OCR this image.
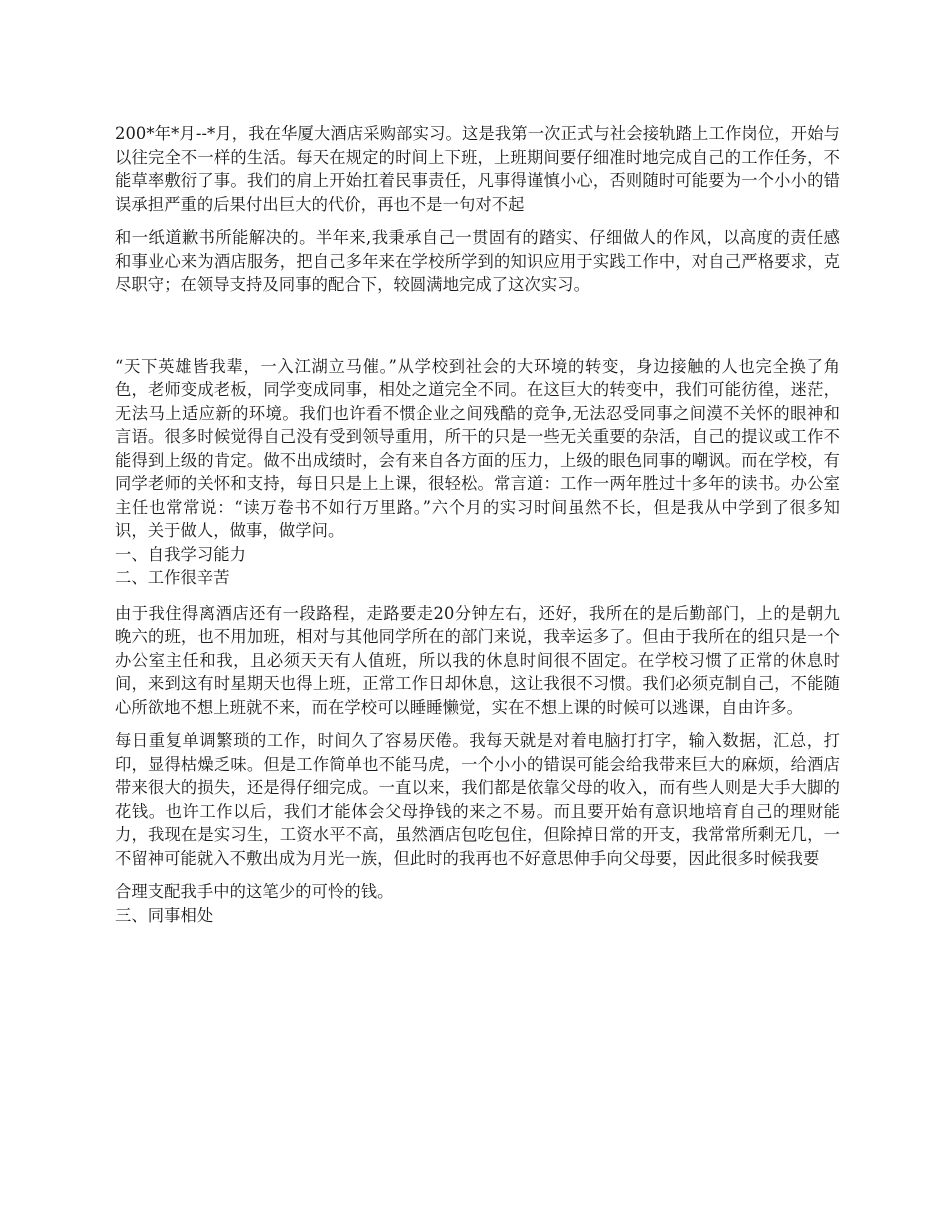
200*年*月--*月，我在华厦大酒店采购部实习。这是我第一次正式与社会接轨踏上工作岗位，开始与以往完全不一样的生活。每天在规定的时间上下班，上班期间要仔细准时地完成自己的工作任务，不能草率敷衍了事。我们的肩上开始扛着民事责任，凡事得谨慎小心，否则随时可能要为一个小小的错误承担严重的后果付出巨大的代价，再也不是一句对不起

和一纸道歉书所能解决的。半年来,我秉承自己一贯固有的踏实、仔细做人的作风，以高度的责任感和事业心来为酒店服务，把自己多年来在学校所学到的知识应用于实践工作中，对自己严格要求，克尽职守；在领导支持及同事的配合下，较圆满地完成了这次实习。

“天下英雄皆我辈，一入江湖立马催。”从学校到社会的大环境的转变，身边接触的人也完全换了角色，老师变成老板，同学变成同事，相处之道完全不同。在这巨大的转变中，我们可能彷徨，迷茫，无法马上适应新的环境。我们也许看不惯企业之间残酷的竞争,无法忍受同事之间漠不关怀的眼神和言语。很多时候觉得自己没有受到领导重用，所干的只是一些无关重要的杂活，自己的提议或工作不能得到上级的肯定。做不出成绩时，会有来自各方面的压力，上级的眼色同事的嘲讽。而在学校，有同学老师的关怀和支持，每日只是上上课，很轻松。常言道：工作一两年胜过十多年的读书。办公室主任也常常说：“读万卷书不如行万里路。”六个月的实习时间虽然不长，但是我从中学到了很多知识，关于做人，做事，做学问。

一、自我学习能力

二、工作很辛苦

由于我住得离酒店还有一段路程，走路要走20分钟左右，还好，我所在的是后勤部门，上的是朝九晚六的班，也不用加班，相对与其他同学所在的部门来说，我幸运多了。但由于我所在的组只是一个办公室主任和我，且必须天天有人值班，所以我的休息时间很不固定。在学校习惯了正常的休息时间，来到这有时星期天也得上班，正常工作日却休息，这让我很不习惯。我们必须克制自己，不能随心所欲地不想上班就不来，而在学校可以睡睡懒觉，实在不想上课的时候可以逃课，自由许多。

每日重复单调繁琐的工作，时间久了容易厌倦。我每天就是对着电脑打打字，输入数据，汇总，打印，显得枯燥乏味。但是工作简单也不能马虎，一个小小的错误可能会给我带来巨大的麻烦，给酒店带来很大的损失，还是得仔细完成。一直以来，我们都是依靠父母的收入，而有些人则是大手大脚的花钱。也许工作以后，我们才能体会父母挣钱的来之不易。而且要开始有意识地培育自己的理财能力，我现在是实习生，工资水平不高，虽然酒店包吃包住，但除掉日常的开支，我常常所剩无几，一不留神可能就入不敷出成为月光一族，但此时的我再也不好意思伸手向父母要，因此很多时候我要

合理支配我手中的这笔少的可怜的钱。

三、同事相处
